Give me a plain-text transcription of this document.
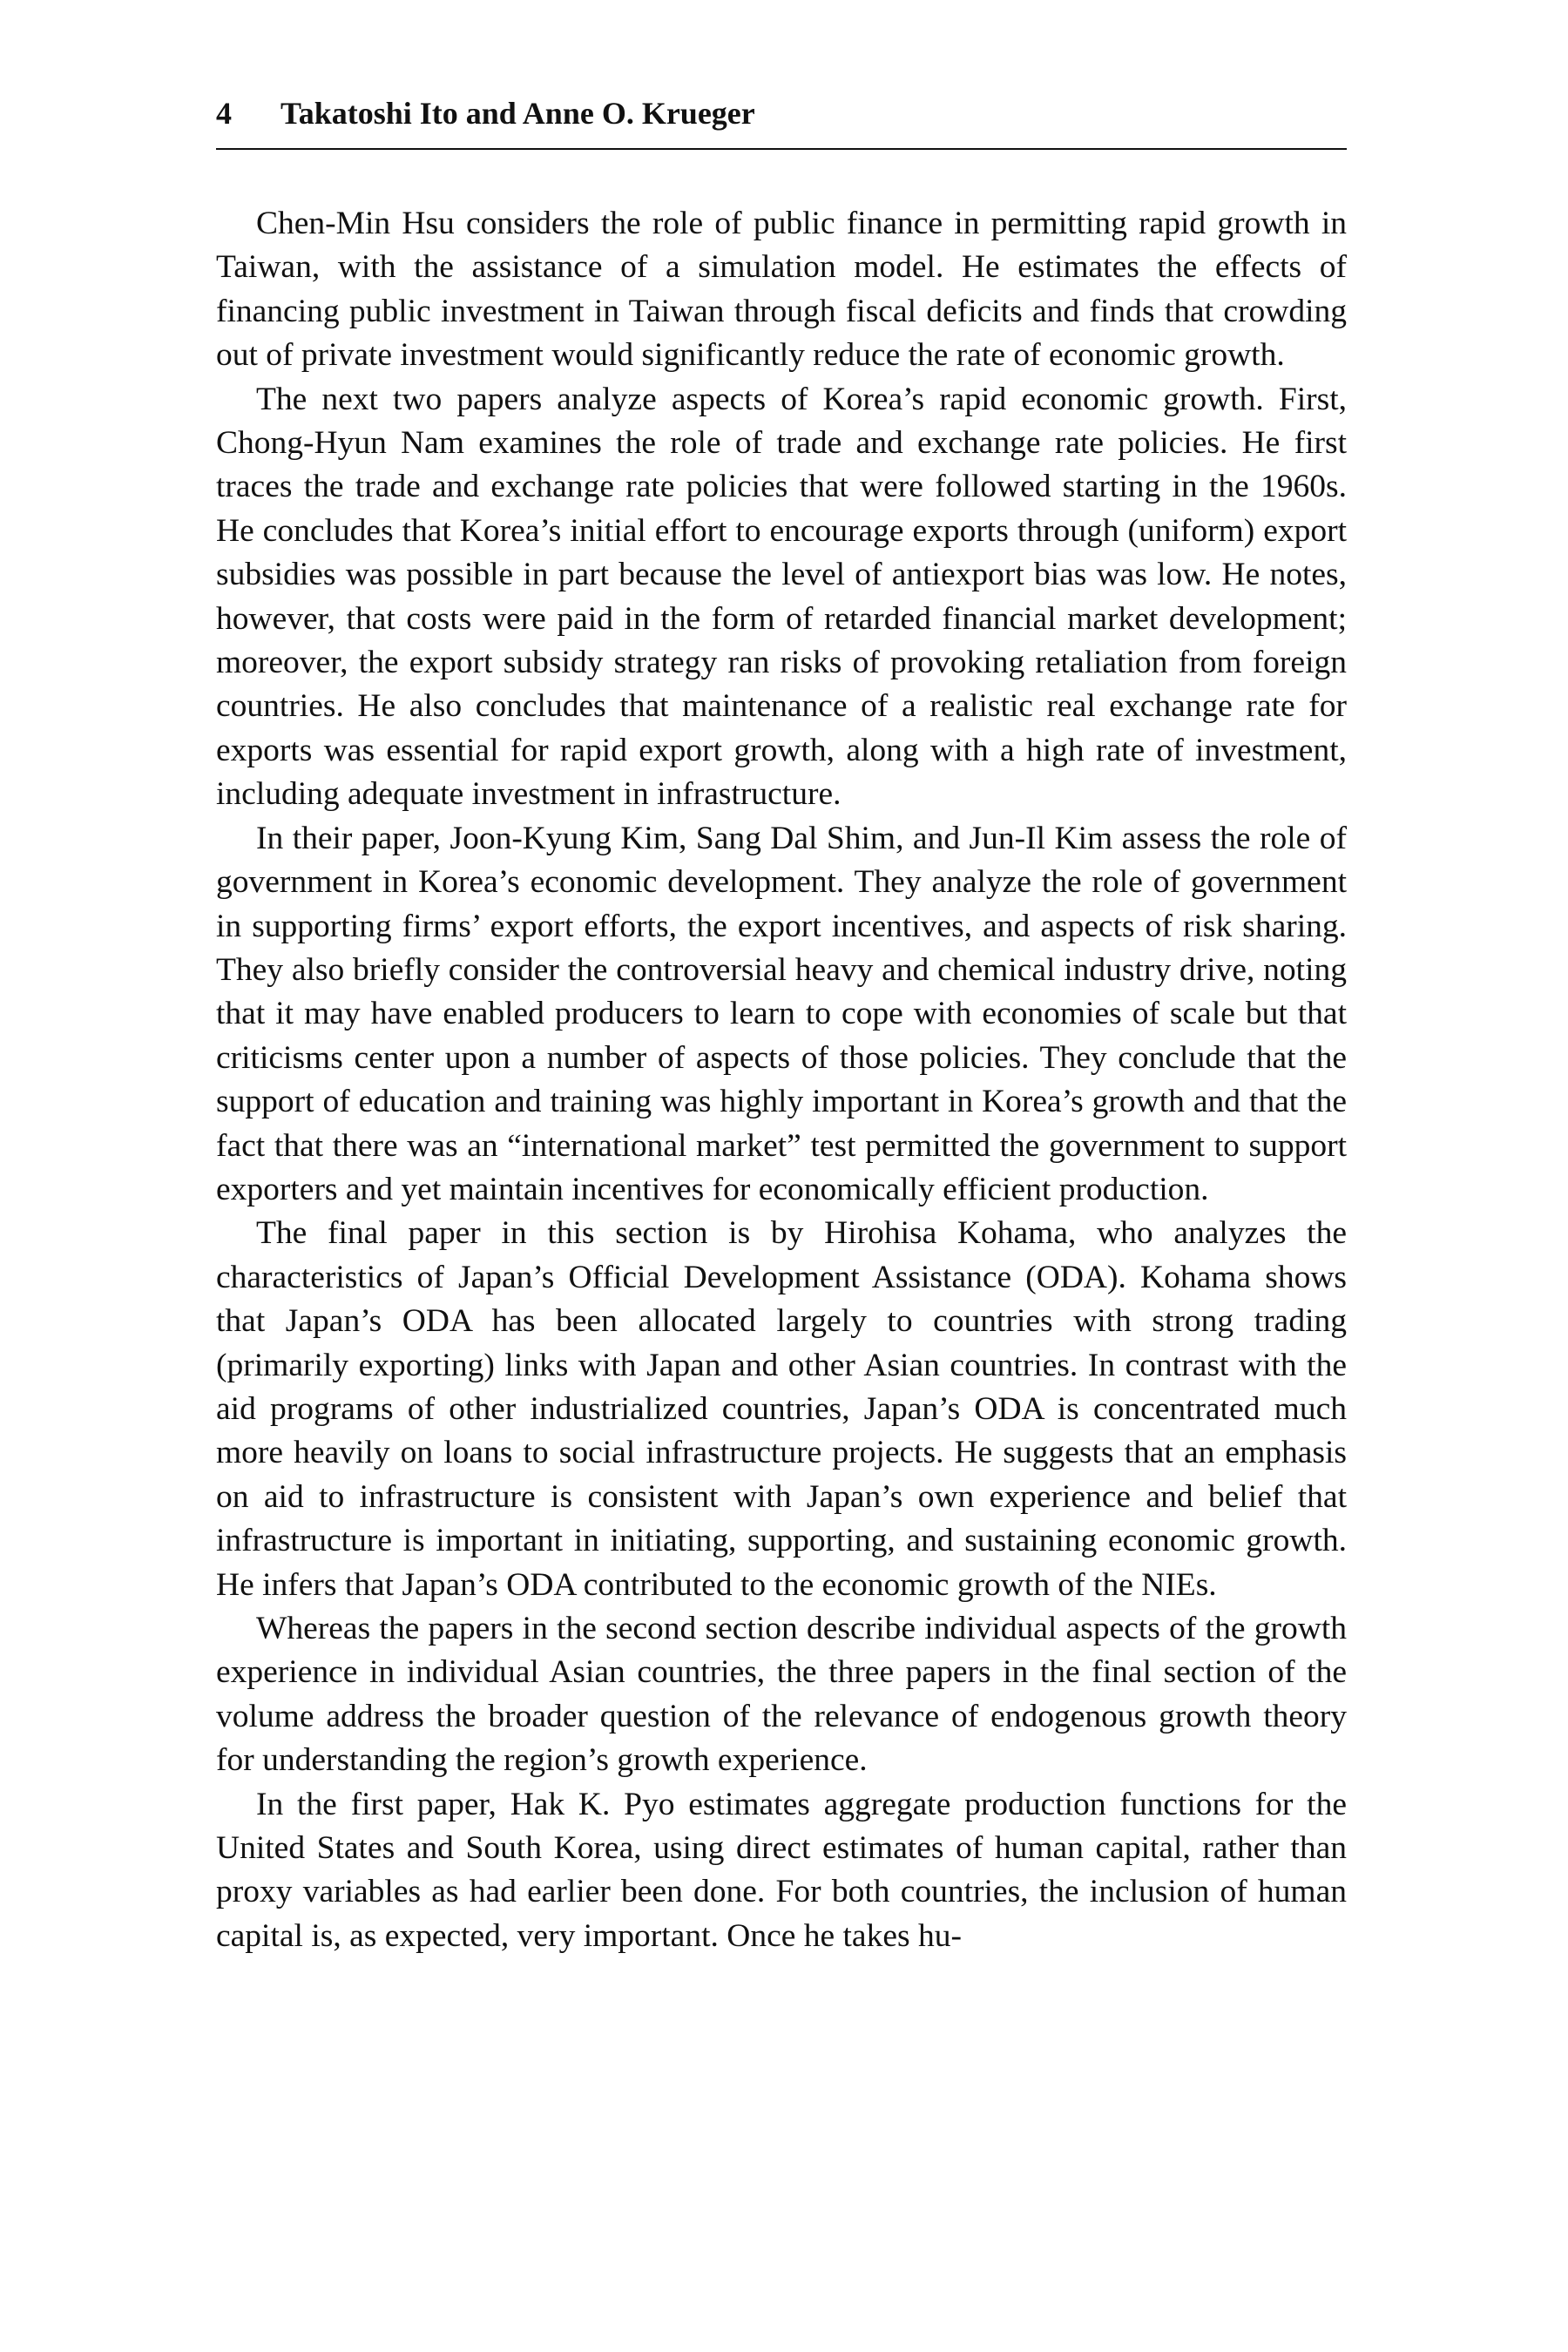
4 Takatoshi Ito and Anne O. Krueger

Chen-Min Hsu considers the role of public finance in permitting rapid growth in Taiwan, with the assistance of a simulation model. He estimates the effects of financing public investment in Taiwan through fiscal deficits and finds that crowding out of private investment would significantly reduce the rate of economic growth.

The next two papers analyze aspects of Korea’s rapid economic growth. First, Chong-Hyun Nam examines the role of trade and exchange rate policies. He first traces the trade and exchange rate policies that were followed starting in the 1960s. He concludes that Korea’s initial effort to encourage exports through (uniform) export subsidies was possible in part because the level of antiexport bias was low. He notes, however, that costs were paid in the form of retarded financial market development; moreover, the export subsidy strategy ran risks of provoking retaliation from foreign countries. He also concludes that maintenance of a realistic real exchange rate for exports was essential for rapid export growth, along with a high rate of investment, including adequate investment in infrastructure.

In their paper, Joon-Kyung Kim, Sang Dal Shim, and Jun-Il Kim assess the role of government in Korea’s economic development. They analyze the role of government in supporting firms’ export efforts, the export incentives, and aspects of risk sharing. They also briefly consider the controversial heavy and chemical industry drive, noting that it may have enabled producers to learn to cope with economies of scale but that criticisms center upon a number of aspects of those policies. They conclude that the support of education and training was highly important in Korea’s growth and that the fact that there was an “international market” test permitted the government to support exporters and yet maintain incentives for economically efficient production.

The final paper in this section is by Hirohisa Kohama, who analyzes the characteristics of Japan’s Official Development Assistance (ODA). Kohama shows that Japan’s ODA has been allocated largely to countries with strong trading (primarily exporting) links with Japan and other Asian countries. In contrast with the aid programs of other industrialized countries, Japan’s ODA is concentrated much more heavily on loans to social infrastructure projects. He suggests that an emphasis on aid to infrastructure is consistent with Japan’s own experience and belief that infrastructure is important in initiating, supporting, and sustaining economic growth. He infers that Japan’s ODA contributed to the economic growth of the NIEs.

Whereas the papers in the second section describe individual aspects of the growth experience in individual Asian countries, the three papers in the final section of the volume address the broader question of the relevance of endogenous growth theory for understanding the region’s growth experience.

In the first paper, Hak K. Pyo estimates aggregate production functions for the United States and South Korea, using direct estimates of human capital, rather than proxy variables as had earlier been done. For both countries, the inclusion of human capital is, as expected, very important. Once he takes hu-
